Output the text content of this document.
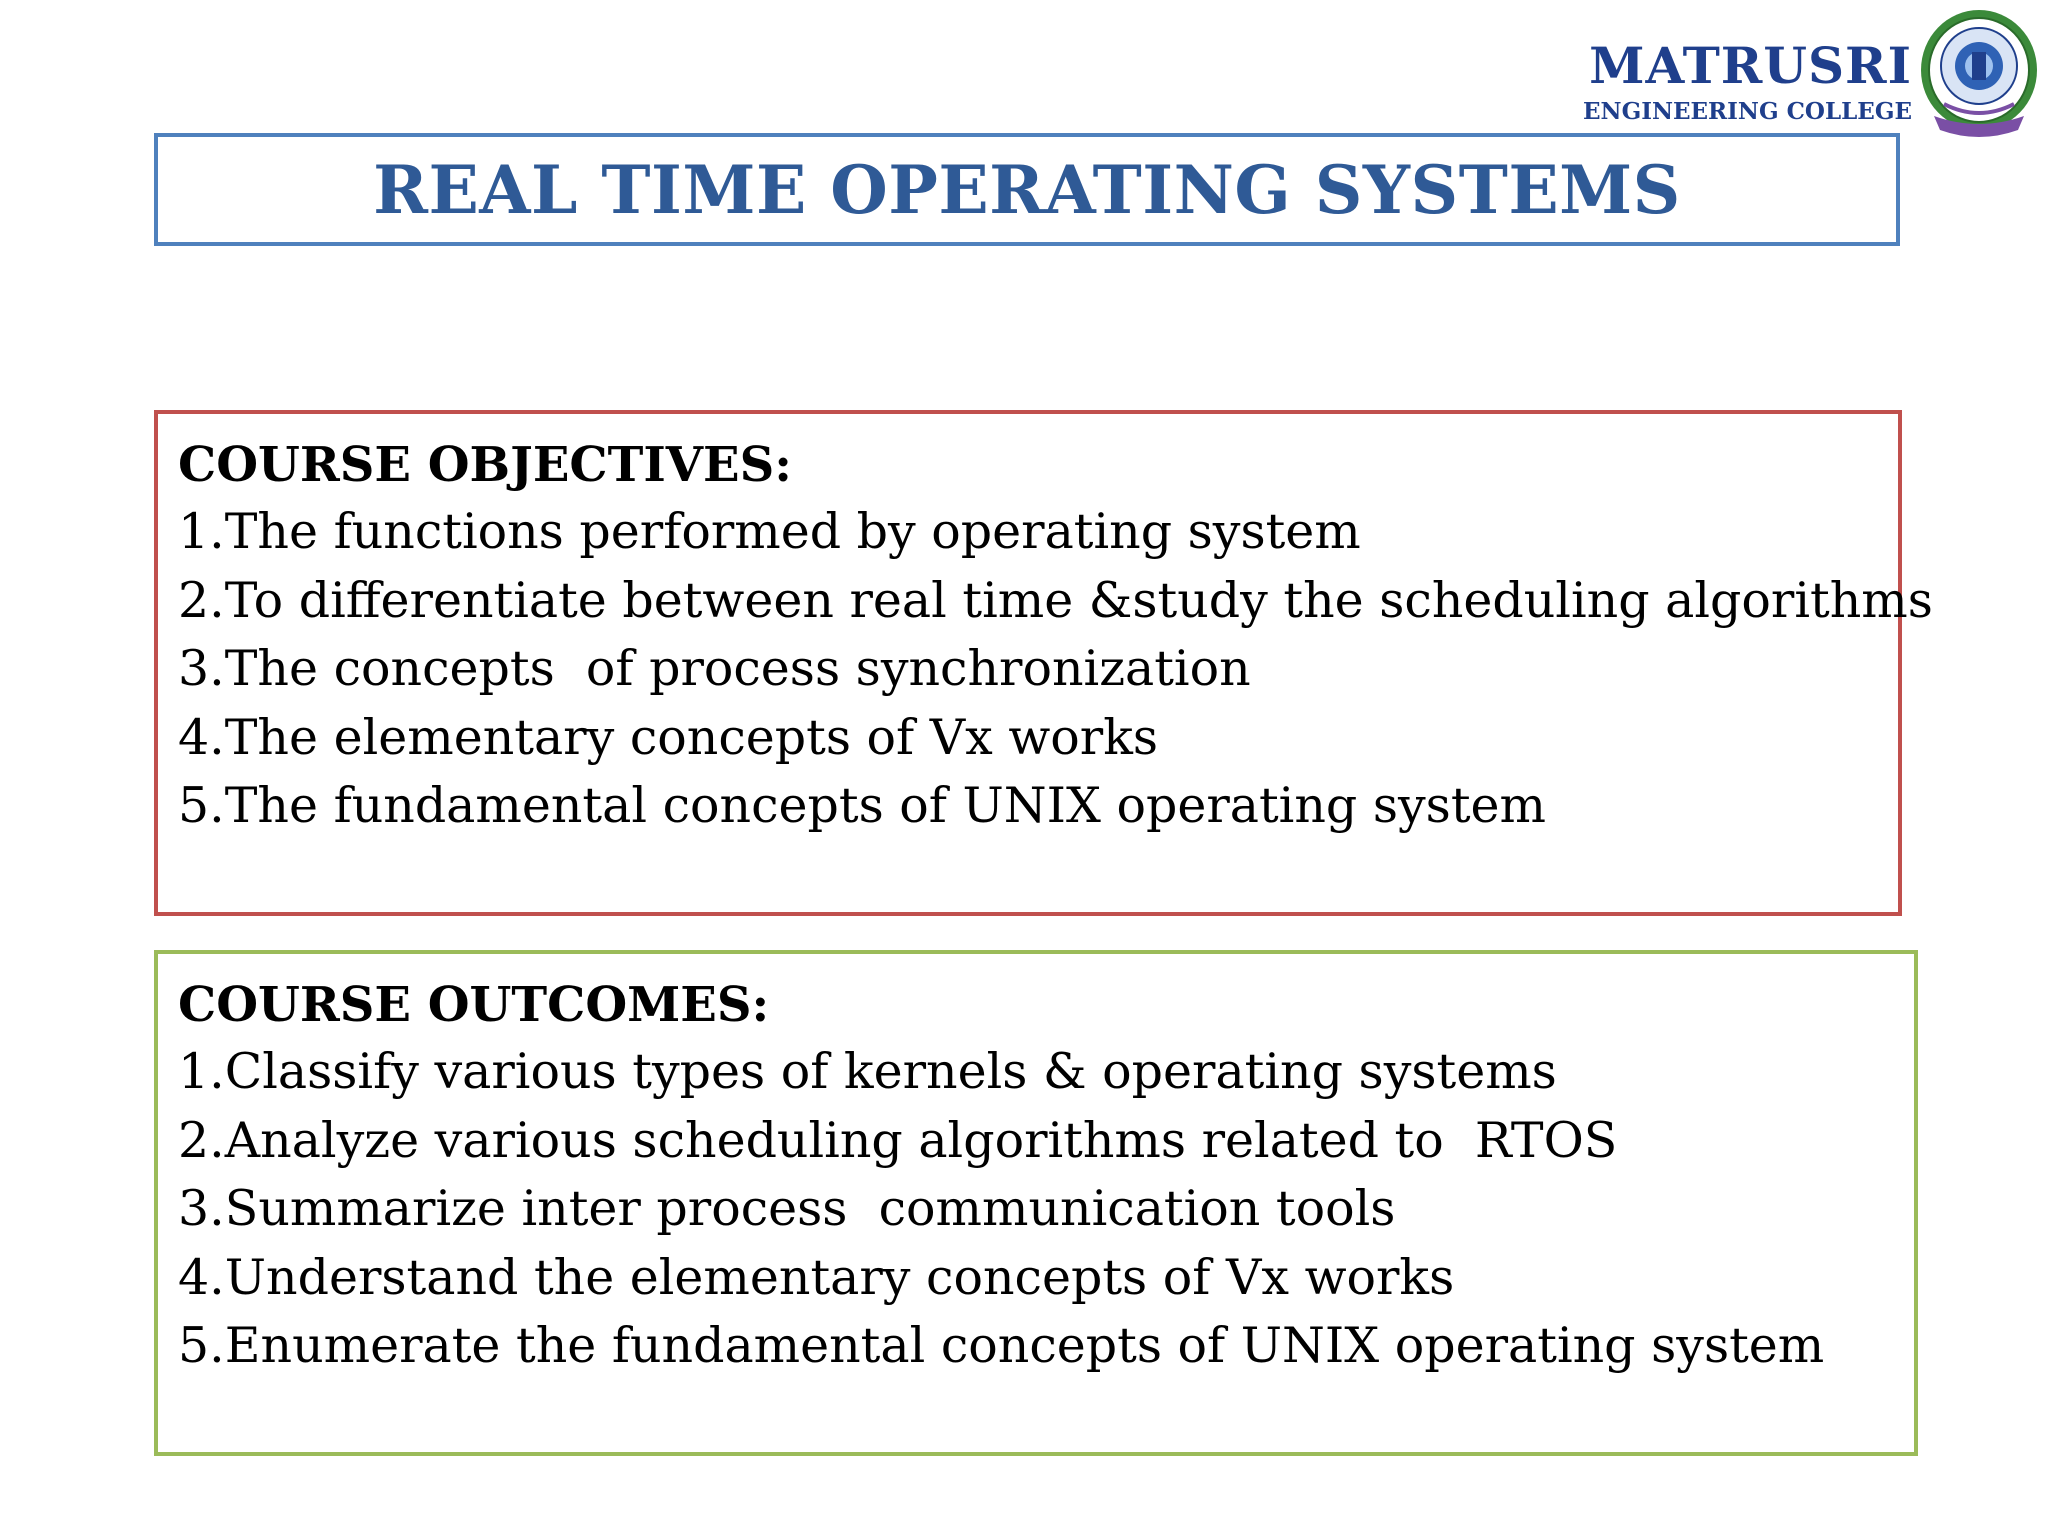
MATRUSRI
ENGINEERING COLLEGE
REAL TIME OPERATING SYSTEMS
COURSE OBJECTIVES:
1.The functions performed by operating system
2.To differentiate between real time &study the scheduling algorithms
3.The concepts  of process synchronization
4.The elementary concepts of Vx works
5.The fundamental concepts of UNIX operating system
COURSE OUTCOMES:
1.Classify various types of kernels & operating systems
2.Analyze various scheduling algorithms related to  RTOS
3.Summarize inter process  communication tools
4.Understand the elementary concepts of Vx works
5.Enumerate the fundamental concepts of UNIX operating system
